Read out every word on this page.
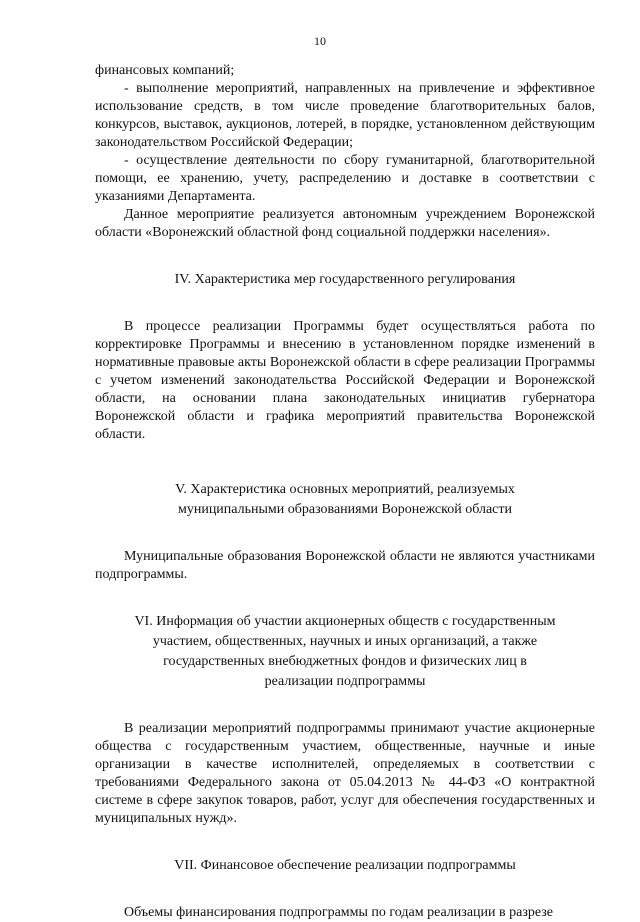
10

финансовых компаний;

- выполнение мероприятий, направленных на привлечение и эффективное использование средств, в том числе проведение благотворительных балов, конкурсов, выставок, аукционов, лотерей, в порядке, установленном действующим законодательством Российской Федерации;

- осуществление деятельности по сбору гуманитарной, благотворительной помощи, ее хранению, учету, распределению и доставке в соответствии с указаниями Департамента.

Данное мероприятие реализуется автономным учреждением Воронежской области «Воронежский областной фонд социальной поддержки населения».

IV. Характеристика мер государственного регулирования

В процессе реализации Программы будет осуществляться работа по корректировке Программы и внесению в установленном порядке изменений в нормативные правовые акты Воронежской области в сфере реализации Программы с учетом изменений законодательства Российской Федерации и Воронежской области, на основании плана законодательных инициатив губернатора Воронежской области и графика мероприятий правительства Воронежской области.

V. Характеристика основных мероприятий, реализуемых муниципальными образованиями Воронежской области

Муниципальные образования Воронежской области не являются участниками подпрограммы.

VI. Информация об участии акционерных обществ с государственным участием, общественных, научных и иных организаций, а также государственных внебюджетных фондов и физических лиц в реализации подпрограммы

В реализации мероприятий подпрограммы принимают участие акционерные общества с государственным участием, общественные, научные и иные организации в качестве исполнителей, определяемых в соответствии с требованиями Федерального закона от 05.04.2013 № 44-ФЗ «О контрактной системе в сфере закупок товаров, работ, услуг для обеспечения государственных и муниципальных нужд».

VII. Финансовое обеспечение реализации подпрограммы

Объемы финансирования подпрограммы по годам реализации в разрезе
